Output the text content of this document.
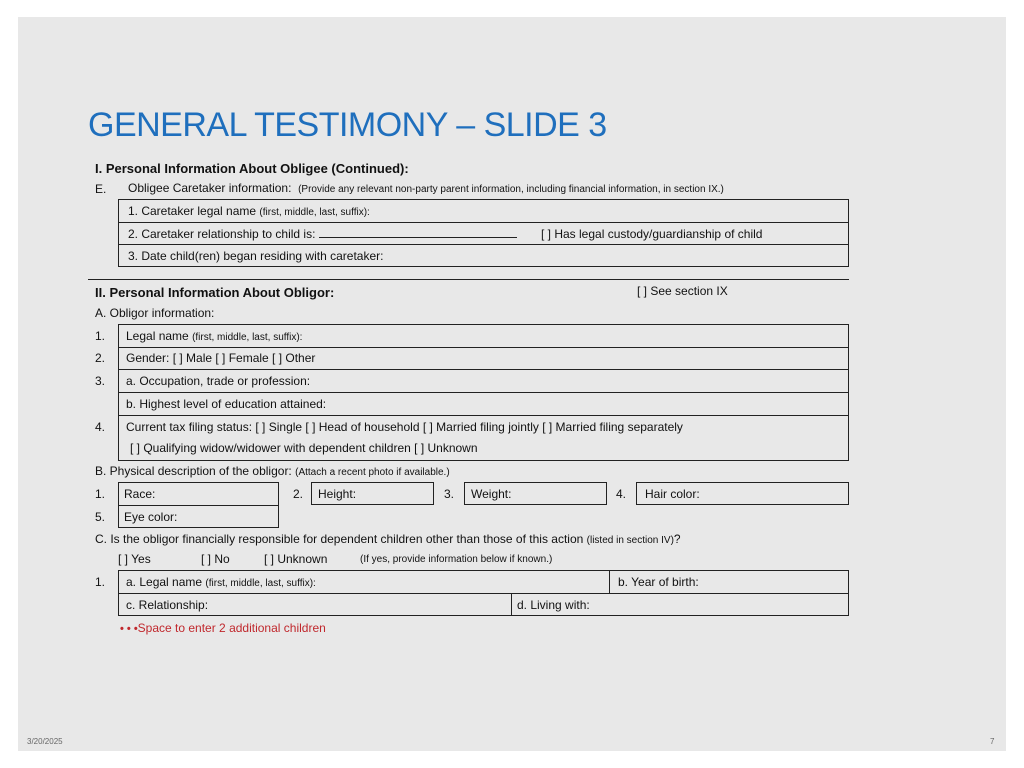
GENERAL TESTIMONY – SLIDE 3
I. Personal Information About Obligee (Continued):
E. Obligee Caretaker information: (Provide any relevant non-party parent information, including financial information, in section IX.)
1. Caretaker legal name (first, middle, last, suffix):
2. Caretaker relationship to child is:	[ ] Has legal custody/guardianship of child
3. Date child(ren) began residing with caretaker:
II. Personal Information About Obligor:	[ ] See section IX
A. Obligor information:
1. Legal name (first, middle, last, suffix):
2. Gender: [ ] Male [ ] Female [ ] Other
3. a. Occupation, trade or profession:
b. Highest level of education attained:
4. Current tax filing status: [ ] Single [ ] Head of household [ ] Married filing jointly [ ] Married filing separately
[ ] Qualifying widow/widower with dependent children [ ] Unknown
B. Physical description of the obligor: (Attach a recent photo if available.)
1. Race:	2. Height:	3. Weight:	4. Hair color:
5. Eye color:
C. Is the obligor financially responsible for dependent children other than those of this action (listed in section IV)?
[ ] Yes	[ ] No	[ ] Unknown	(If yes, provide information below if known.)
1. a. Legal name (first, middle, last, suffix):	b. Year of birth:
c. Relationship:	d. Living with:
• • •Space to enter 2 additional children
3/20/2025	7
